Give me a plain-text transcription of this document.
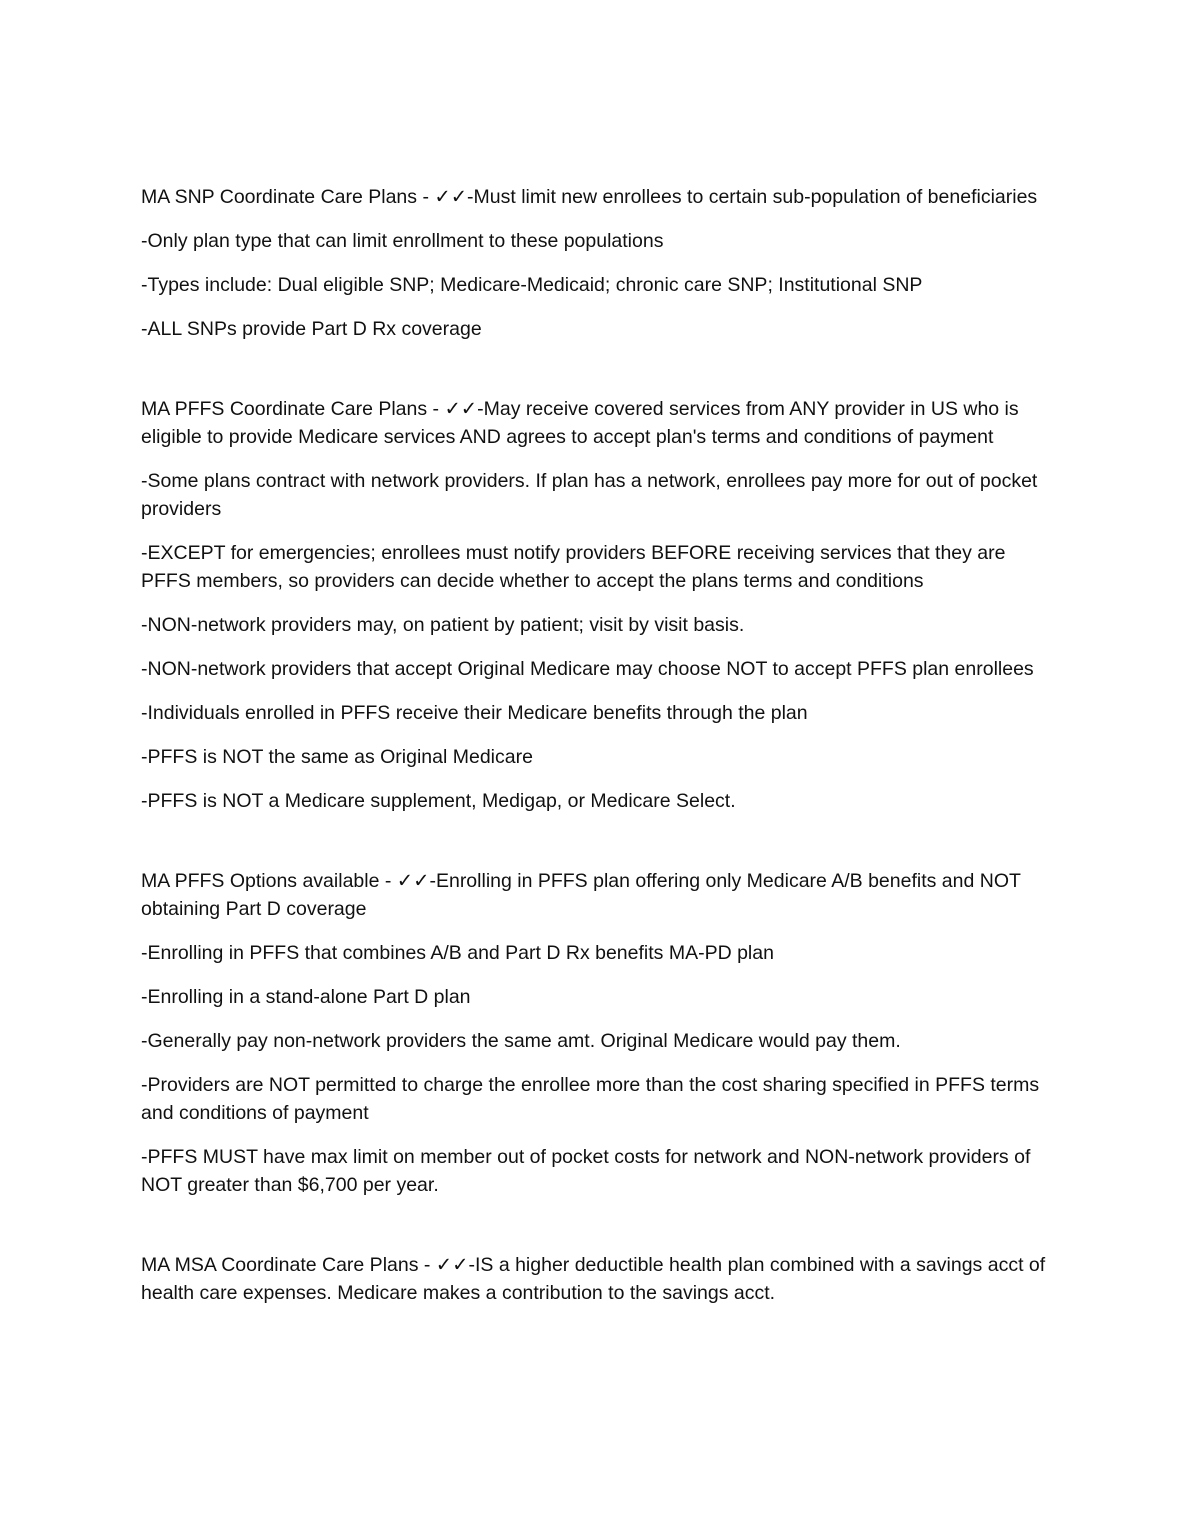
MA SNP Coordinate Care Plans - ✓✓-Must limit new enrollees to certain sub-population of beneficiaries

-Only plan type that can limit enrollment to these populations

-Types include: Dual eligible SNP; Medicare-Medicaid; chronic care SNP; Institutional SNP

-ALL SNPs provide Part D Rx coverage

MA PFFS Coordinate Care Plans - ✓✓-May receive covered services from ANY provider in US who is eligible to provide Medicare services AND agrees to accept plan's terms and conditions of payment

-Some plans contract with network providers. If plan has a network, enrollees pay more for out of pocket providers

-EXCEPT for emergencies; enrollees must notify providers BEFORE receiving services that they are PFFS members, so providers can decide whether to accept the plans terms and conditions

-NON-network providers may, on patient by patient; visit by visit basis.

-NON-network providers that accept Original Medicare may choose NOT to accept PFFS plan enrollees

-Individuals enrolled in PFFS receive their Medicare benefits through the plan

-PFFS is NOT the same as Original Medicare

-PFFS is NOT a Medicare supplement, Medigap, or Medicare Select.

MA PFFS Options available - ✓✓-Enrolling in PFFS plan offering only Medicare A/B benefits and NOT obtaining Part D coverage

-Enrolling in PFFS that combines A/B and Part D Rx benefits MA-PD plan

-Enrolling in a stand-alone Part D plan

-Generally pay non-network providers the same amt. Original Medicare would pay them.

-Providers are NOT permitted to charge the enrollee more than the cost sharing specified in PFFS terms and conditions of payment

-PFFS MUST have max limit on member out of pocket costs for network and NON-network providers of NOT greater than $6,700 per year.

MA MSA Coordinate Care Plans - ✓✓-IS a higher deductible health plan combined with a savings acct of health care expenses. Medicare makes a contribution to the savings acct.
